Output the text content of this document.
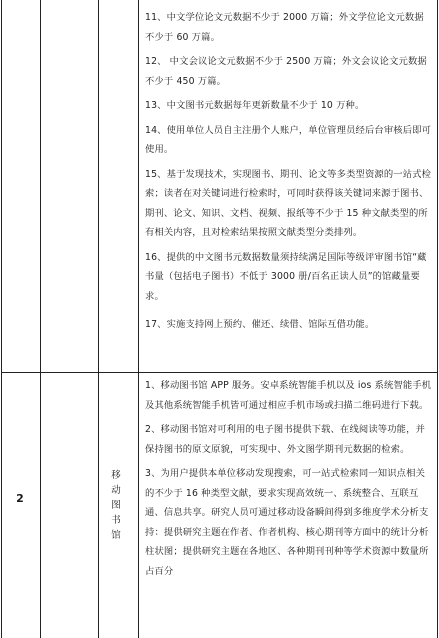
11、中文学位论文元数据不少于 2000 万篇；外文学位论文元数据不少于 60 万篇。

12、 中文会议论文元数据不少于 2500 万篇；外文会议论文元数据不少于 450 万篇。

13、中文图书元数据每年更新数量不少于 10 万种。

14、使用单位人员自主注册个人账户，单位管理员经后台审核后即可使用。

15、基于发现技术，实现图书、期刊、论文等多类型资源的一站式检索；读者在对关键词进行检索时，可同时获得该关键词来源于图书、期刊、论文、知识、文档、视频、报纸等不少于 15 种文献类型的所有相关内容，且对检索结果按照文献类型分类排列。

16、提供的中文图书元数据数量须持续满足国际等级评审图书馆“藏书量（包括电子图书）不低于 3000 册/百名正读人员”的馆藏量要求。

17、实施支持网上预约、催还、续借、馆际互借功能。

2
移
动
图
书
馆

1、移动图书馆 APP 服务。安卓系统智能手机以及 ios 系统智能手机及其他系统智能手机皆可通过相应手机市场或扫描二维码进行下载。

2、移动图书馆对可利用的电子图书提供下载、在线阅读等功能，并保持图书的原文原貌，可实现中、外文图学期刊元数据的检索。

3、为用户提供本单位移动发现搜索，可一站式检索同一知识点相关的不少于 16 种类型文献，要求实现高效统一、系统整合、互联互通、信息共享。研究人员可通过移动设备瞬间得到多维度学术分析支持：提供研究主题在作者、作者机构、核心期刊等方面中的统计分析柱状图；提供研究主题在各地区、各种期刊刊种等学术资源中数量所占百分
